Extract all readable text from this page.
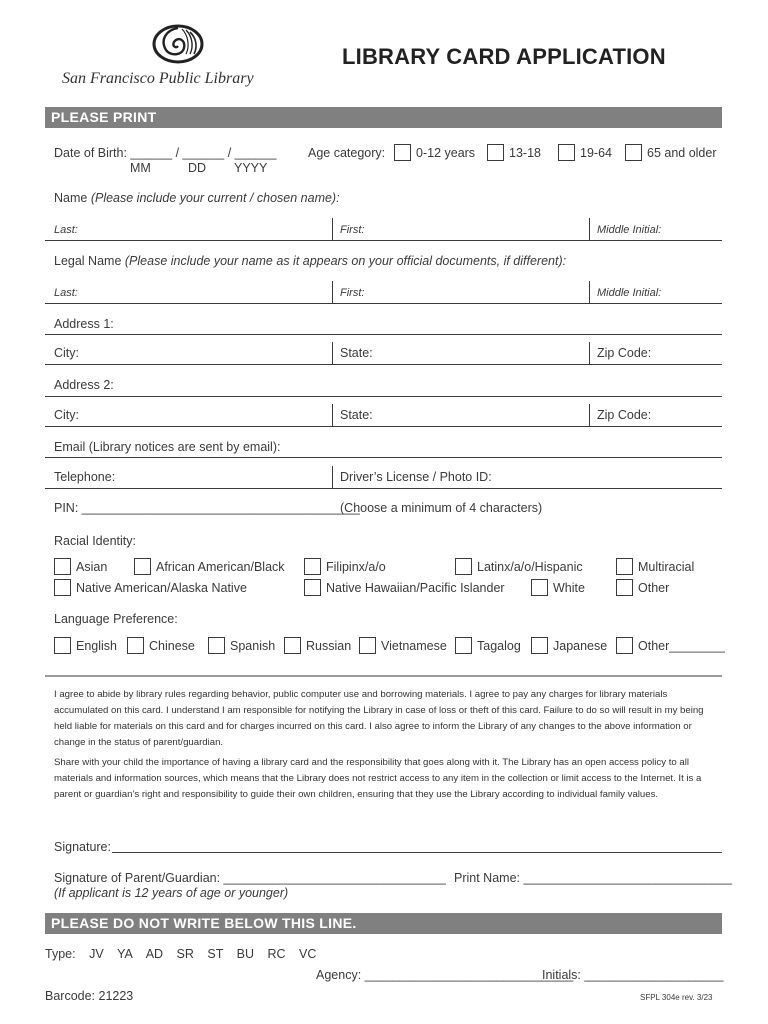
San Francisco Public Library
LIBRARY CARD APPLICATION
PLEASE PRINT
Date of Birth: ______ / ______ / ______
MM	DD YYYY
Age category: 0-12 years	13-18	19-64	65 and older
Name (Please include your current / chosen name):
Last:	First:	Middle Initial:
Legal Name (Please include your name as it appears on your official documents, if different):
Last:	First:	Middle Initial:
Address 1:
City:	State:	Zip Code:
Address 2:
City:	State:	Zip Code:
Email (Library notices are sent by email):
Telephone:	Driver’s License / Photo ID:
PIN: ________________________________________
(Choose a minimum of 4 characters)
Racial Identity:
Asian	African American/Black	Filipinx/a/o	Latinx/a/o/Hispanic	Multiracial
Native American/Alaska Native	Native Hawaiian/Pacific Islander	White	Other
Language Preference:
English	Chinese	Spanish Russian Vietnamese Tagalog	Japanese Other________

I agree to abide by library rules regarding behavior, public computer use and borrowing materials. I agree to pay any charges for library materials accumulated on this card. I understand I am responsible for notifying the Library in case of loss or theft of this card. Failure to do so will result in my being held liable for materials on this card and for charges incurred on this card. I also agree to inform the Library of any changes to the above information or change in the status of parent/guardian.

Share with your child the importance of having a library card and the responsibility that goes along with it. The Library has an open access policy to all materials and information sources, which means that the Library does not restrict access to any item in the collection or limit access to the Internet. It is a parent or guardian’s right and responsibility to guide their own children, ensuring that they use the Library according to individual family values.

Signature:
Signature of Parent/Guardian: ________________________________ Print Name: ______________________________
(If applicant is 12 years of age or younger)
PLEASE DO NOT WRITE BELOW THIS LINE.
Type: JV YA AD SR ST BU RC VC
Agency: ______________________________
Initials: ____________________
Barcode: 21223	SFPL 304e rev. 3/23
